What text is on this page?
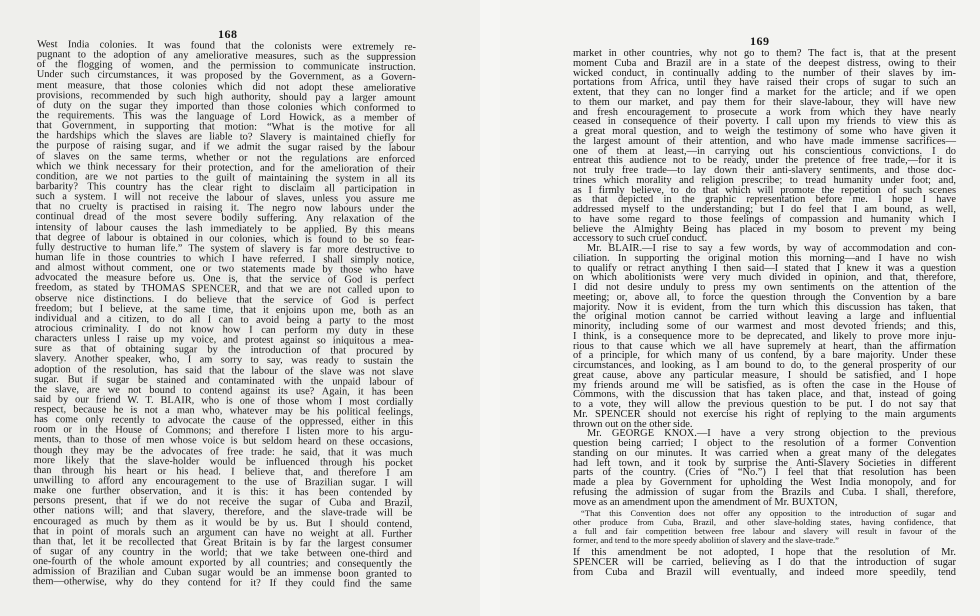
168
West India colonies. It was found that the colonists were extremely re-
pugnant to the adoption of any ameliorative measures, such as the suppression
of the flogging of women, and the permission to communicate instruction.
Under such circumstances, it was proposed by the Government, as a Govern-
ment measure, that those colonies which did not adopt these ameliorative
provisions, recommended by such high authority, should pay a larger amount
of duty on the sugar they imported than those colonies which conformed to
the requirements. This was the language of Lord Howick, as a member of
that Government, in supporting that motion: “What is the motive for all
the hardships which the slaves are liable to? Slavery is maintained chiefly for
the purpose of raising sugar, and if we admit the sugar raised by the labour
of slaves on the same terms, whether or not the regulations are enforced
which we think necessary for their protection, and for the amelioration of their
condition, are we not parties to the guilt of maintaining the system in all its
barbarity? This country has the clear right to disclaim all participation in
such a system. I will not receive the labour of slaves, unless you assure me
that no cruelty is practised in raising it. The negro now labours under the
continual dread of the most severe bodily suffering. Any relaxation of the
intensity of labour causes the lash immediately to be applied. By this means
that degree of labour is obtained in our colonies, which is found to be so fear-
fully destructive to human life.” The system of slavery is far more destructive to
human life in those countries to which I have referred. I shall simply notice,
and almost without comment, one or two statements made by those who have
advocated the measure before us. One is, that the service of God is perfect
freedom, as stated by THOMAS SPENCER, and that we are not called upon to
observe nice distinctions. I do believe that the service of God is perfect
freedom; but I believe, at the same time, that it enjoins upon me, both as an
individual and a citizen, to do all I can to avoid being a party to the most
atrocious criminality. I do not know how I can perform my duty in these
characters unless I raise up my voice, and protest against so iniquitous a mea-
sure as that of obtaining sugar by the introduction of that procured by
slavery. Another speaker, who, I am sorry to say, was ready to sustain the
adoption of the resolution, has said that the labour of the slave was not slave
sugar. But if sugar be stained and contaminated with the unpaid labour of
the slave, are we not bound to contend against its use? Again, it has been
said by our friend W. T. BLAIR, who is one of those whom I most cordially
respect, because he is not a man who, whatever may be his political feelings,
has come only recently to advocate the cause of the oppressed, either in this
room or in the House of Commons; and therefore I listen more to his argu-
ments, than to those of men whose voice is but seldom heard on these occasions,
though they may be the advocates of free trade: he said, that it was much
more likely that the slave-holder would be influenced through his pocket
than through his heart or his head. I believe that, and therefore I am
unwilling to afford any encouragement to the use of Brazilian sugar. I will
make one further observation, and it is this: it has been contended by
persons present, that if we do not receive the sugar of Cuba and Brazil,
other nations will; and that slavery, therefore, and the slave-trade will be
encouraged as much by them as it would be by us. But I should contend,
that in point of morals such an argument can have no weight at all. Further
than that, let it be recollected that Great Britain is by far the largest consumer
of sugar of any country in the world; that we take between one-third and
one-fourth of the whole amount exported by all countries; and consequently the
admission of Brazilian and Cuban sugar would be an immense boon granted to
them—otherwise, why do they contend for it? If they could find the same
169
market in other countries, why not go to them? The fact is, that at the present
moment Cuba and Brazil are in a state of the deepest distress, owing to their
wicked conduct, in continually adding to the number of their slaves by im-
portations from Africa, until they have raised their crops of sugar to such an
extent, that they can no longer find a market for the article; and if we open
to them our market, and pay them for their slave-labour, they will have new
and fresh encouragement to prosecute a work from which they have nearly
ceased in consequence of their poverty. I call upon my friends to view this as
a great moral question, and to weigh the testimony of some who have given it
the largest amount of their attention, and who have made immense sacrifices—
one of them at least,—in carrying out his conscientious convictions. I do
entreat this audience not to be ready, under the pretence of free trade,—for it is
not truly free trade—to lay down their anti-slavery sentiments, and those doc-
trines which morality and religion prescribe; to tread humanity under foot; and,
as I firmly believe, to do that which will promote the repetition of such scenes
as that depicted in the graphic representation before me. I hope I have
addressed myself to the understanding; but I do feel that I am bound, as well,
to have some regard to those feelings of compassion and humanity which I
believe the Almighty Being has placed in my bosom to prevent my being
accessory to such cruel conduct.
Mr. BLAIR.—I rise to say a few words, by way of accommodation and con-
ciliation. In supporting the original motion this morning—and I have no wish
to qualify or retract anything I then said—I stated that I knew it was a question
on which abolitionists were very much divided in opinion, and that, therefore,
I did not desire unduly to press my own sentiments on the attention of the
meeting; or, above all, to force the question through the Convention by a bare
majority. Now it is evident, from the turn which this discussion has taken, that
the original motion cannot be carried without leaving a large and influential
minority, including some of our warmest and most devoted friends; and this,
I think, is a consequence more to be deprecated, and likely to prove more inju-
rious to that cause which we all have supremely at heart, than the affirmation
of a principle, for which many of us contend, by a bare majority. Under these
circumstances, and looking, as I am bound to do, to the general prosperity of our
great cause, above any particular measure, I should be satisfied, and I hope
my friends around me will be satisfied, as is often the case in the House of
Commons, with the discussion that has taken place, and that, instead of going
to a vote, they will allow the previous question to be put. I do not say that
Mr. SPENCER should not exercise his right of replying to the main arguments
thrown out on the other side.
Mr. GEORGE KNOX.—I have a very strong objection to the previous
question being carried; I object to the resolution of a former Convention
standing on our minutes. It was carried when a great many of the delegates
had left town, and it took by surprise the Anti-Slavery Societies in different
parts of the country. (Cries of “No.”) I feel that that resolution has been
made a plea by Government for upholding the West India monopoly, and for
refusing the admission of sugar from the Brazils and Cuba. I shall, therefore,
move as an amendment upon the amendment of Mr. BUXTON,
“That this Convention does not offer any opposition to the introduction of sugar and
other produce from Cuba, Brazil, and other slave-holding states, having confidence, that
a full and fair competition between free labour and slavery will result in favour of the
former, and tend to the more speedy abolition of slavery and the slave-trade.”
If this amendment be not adopted, I hope that the resolution of Mr.
SPENCER will be carried, believing as I do that the introduction of sugar
from Cuba and Brazil will eventually, and indeed more speedily, tend
